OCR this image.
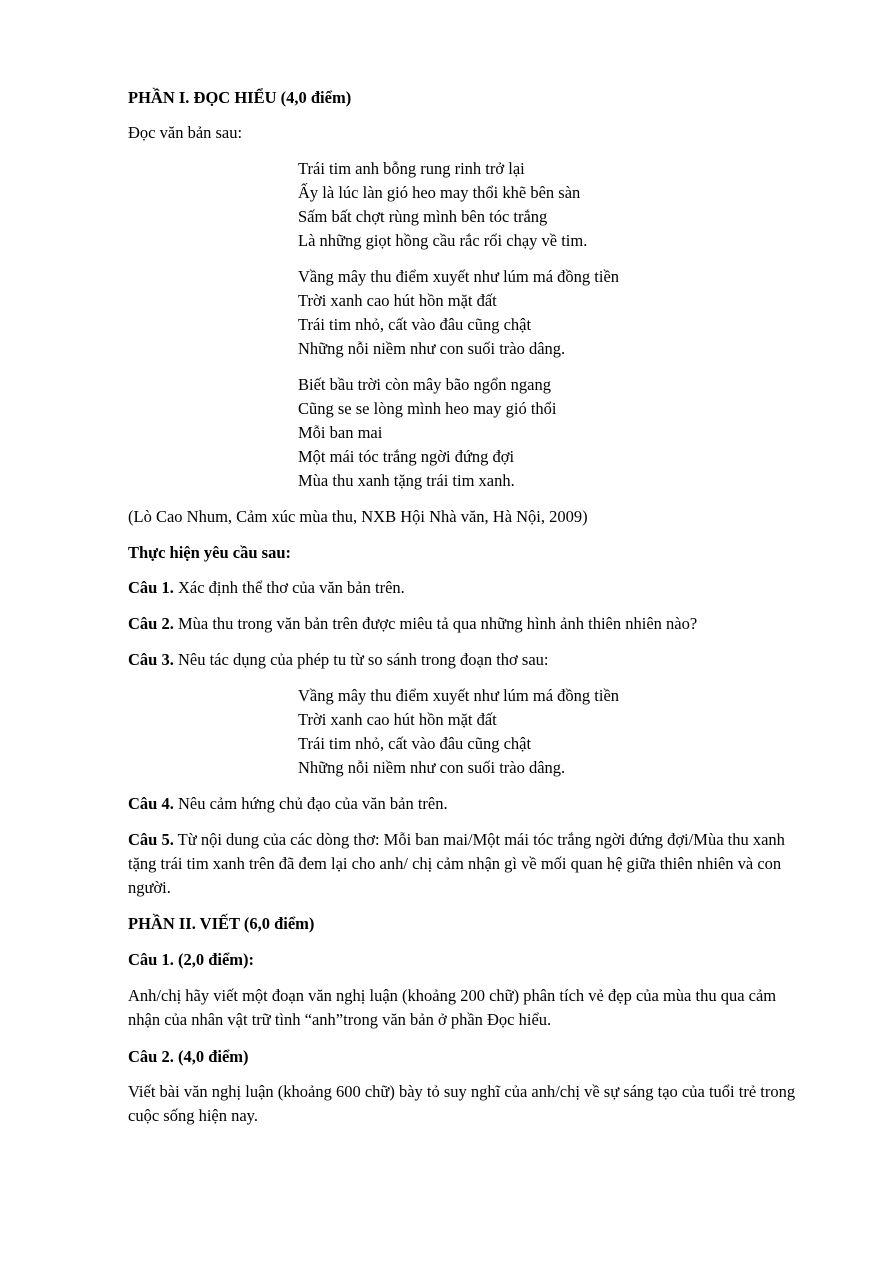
PHẦN I. ĐỌC HIỂU (4,0 điểm)

Đọc văn bản sau:

Trái tim anh bỗng rung rinh trở lại
Ấy là lúc làn gió heo may thổi khẽ bên sàn
Sấm bất chợt rùng mình bên tóc trắng
Là những giọt hồng cầu rắc rối chạy về tim.
Vầng mây thu điểm xuyết như lúm má đồng tiền
Trời xanh cao hút hồn mặt đất
Trái tim nhỏ, cất vào đâu cũng chật
Những nỗi niềm như con suối trào dâng.
Biết bầu trời còn mây bão ngổn ngang
Cũng se se lòng mình heo may gió thổi
Mỗi ban mai
Một mái tóc trắng ngời đứng đợi
Mùa thu xanh tặng trái tim xanh.

(Lò Cao Nhum, Cảm xúc mùa thu, NXB Hội Nhà văn, Hà Nội, 2009)

Thực hiện yêu cầu sau:

Câu 1. Xác định thể thơ của văn bản trên.

Câu 2. Mùa thu trong văn bản trên được miêu tả qua những hình ảnh thiên nhiên nào?

Câu 3. Nêu tác dụng của phép tu từ so sánh trong đoạn thơ sau:

Vầng mây thu điểm xuyết như lúm má đồng tiền
Trời xanh cao hút hồn mặt đất
Trái tim nhỏ, cất vào đâu cũng chật
Những nỗi niềm như con suối trào dâng.

Câu 4. Nêu cảm hứng chủ đạo của văn bản trên.

Câu 5. Từ nội dung của các dòng thơ: Mỗi ban mai/Một mái tóc trắng ngời đứng đợi/Mùa thu xanh tặng trái tim xanh trên đã đem lại cho anh/ chị cảm nhận gì về mối quan hệ giữa thiên nhiên và con người.

PHẦN II. VIẾT (6,0 điểm)

Câu 1. (2,0 điểm):

Anh/chị hãy viết một đoạn văn nghị luận (khoảng 200 chữ) phân tích vẻ đẹp của mùa thu qua cảm nhận của nhân vật trữ tình “anh”trong văn bản ở phần Đọc hiểu.

Câu 2. (4,0 điểm)

Viết bài văn nghị luận (khoảng 600 chữ) bày tỏ suy nghĩ của anh/chị về sự sáng tạo của tuổi trẻ trong cuộc sống hiện nay.
